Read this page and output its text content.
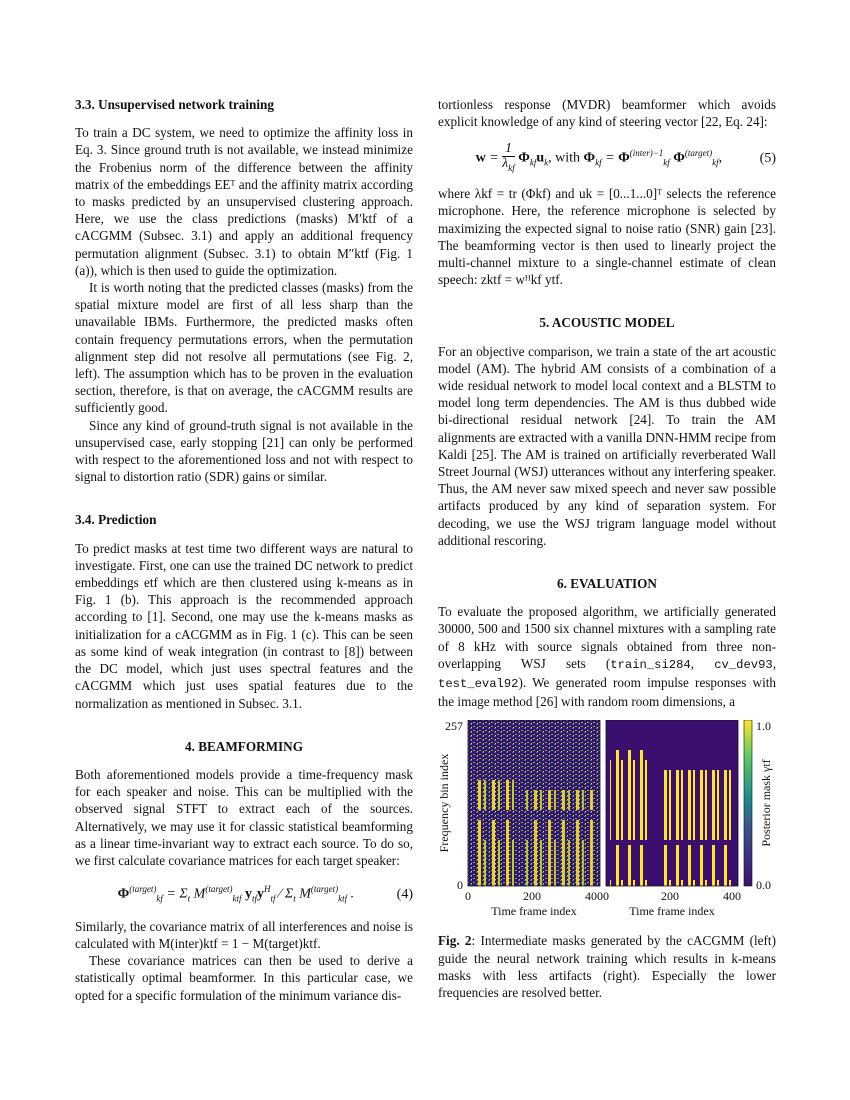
3.3. Unsupervised network training

To train a DC system, we need to optimize the affinity loss in Eq. 3. Since ground truth is not available, we instead minimize the Frobenius norm of the difference between the affinity matrix of the embeddings EEᵀ and the affinity matrix according to masks predicted by an unsupervised clustering approach. Here, we use the class predictions (masks) M′ktf of a cACGMM (Subsec. 3.1) and apply an additional frequency permutation alignment (Subsec. 3.1) to obtain M″ktf (Fig. 1 (a)), which is then used to guide the optimization.

It is worth noting that the predicted classes (masks) from the spatial mixture model are first of all less sharp than the unavailable IBMs. Furthermore, the predicted masks often contain frequency permutations errors, when the permutation alignment step did not resolve all permutations (see Fig. 2, left). The assumption which has to be proven in the evaluation section, therefore, is that on average, the cACGMM results are sufficiently good.

Since any kind of ground-truth signal is not available in the unsupervised case, early stopping [21] can only be performed with respect to the aforementioned loss and not with respect to signal to distortion ratio (SDR) gains or similar.

3.4. Prediction

To predict masks at test time two different ways are natural to investigate. First, one can use the trained DC network to predict embeddings etf which are then clustered using k-means as in Fig. 1 (b). This approach is the recommended approach according to [1]. Second, one may use the k-means masks as initialization for a cACGMM as in Fig. 1 (c). This can be seen as some kind of weak integration (in contrast to [8]) between the DC model, which just uses spectral features and the cACGMM which just uses spatial features due to the normalization as mentioned in Subsec. 3.1.

4. BEAMFORMING

Both aforementioned models provide a time-frequency mask for each speaker and noise. This can be multiplied with the observed signal STFT to extract each of the sources. Alternatively, we may use it for classic statistical beamforming as a linear time-invariant way to extract each source. To do so, we first calculate covariance matrices for each target speaker:

$\Phi^{(target)}_{kf} = \Sigma_t$ $M^{(target)}_{ktf}$ $y_{tf}y^H_{tf}$ ⁄ $\Sigma_t$ $M^{(target)}_{ktf}$ .	(4)

Similarly, the covariance matrix of all interferences and noise is calculated with M(inter)ktf = 1 − M(target)ktf.

These covariance matrices can then be used to derive a statistically optimal beamformer. In this particular case, we opted for a specific formulation of the minimum variance dis-

tortionless response (MVDR) beamformer which avoids explicit knowledge of any kind of steering vector [22, Eq. 24]:

$w = \frac{1}{\lambda_{kf}} \Phi_{kf}u_k$, with $\Phi_{kf} = \Phi^{(inter)-1}_{kf}$ $\Phi^{(target)}_{kf}$,	(5)

where λkf = tr (Φkf) and uk = [0...1...0]ᵀ selects the reference microphone. Here, the reference microphone is selected by maximizing the expected signal to noise ratio (SNR) gain [23]. The beamforming vector is then used to linearly project the multi-channel mixture to a single-channel estimate of clean speech: zktf = wᴴkf ytf.

5. ACOUSTIC MODEL

For an objective comparison, we train a state of the art acoustic model (AM). The hybrid AM consists of a combination of a wide residual network to model local context and a BLSTM to model long term dependencies. The AM is thus dubbed wide bi-directional residual network [24]. To train the AM alignments are extracted with a vanilla DNN-HMM recipe from Kaldi [25]. The AM is trained on artificially reverberated Wall Street Journal (WSJ) utterances without any interfering speaker. Thus, the AM never saw mixed speech and never saw possible artifacts produced by any kind of separation system. For decoding, we use the WSJ trigram language model without additional rescoring.

6. EVALUATION

To evaluate the proposed algorithm, we artificially generated 30000, 500 and 1500 six channel mixtures with a sampling rate of 8 kHz with source signals obtained from three non-overlapping WSJ sets (train_si284, cv_dev93, test_eval92). We generated room impulse responses with the image method [26] with random room dimensions, a

257
0
0	200	400 0	200	400
Time frame index	Time frame index
Frequency bin index
1.0
0.0
Posterior mask γtf

Fig. 2: Intermediate masks generated by the cACGMM (left) guide the neural network training which results in k-means masks with less artifacts (right). Especially the lower frequencies are resolved better.
